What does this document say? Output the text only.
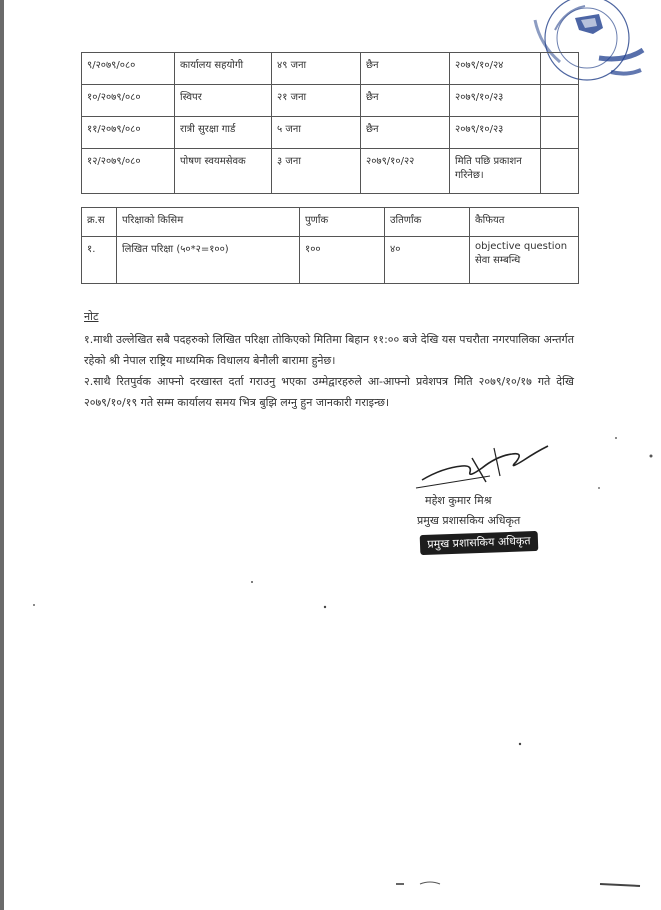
९/२०७९/०८०	कार्यालय सहयोगी	४९ जना	छैन	२०७९/१०/२४	
१०/२०७९/०८०	स्विपर	२१ जना	छैन	२०७९/१०/२३	
११/२०७९/०८०	रात्री सुरक्षा गार्ड	५ जना	छैन	२०७९/१०/२३	
१२/२०७९/०८०	पोषण स्वयमसेवक	३ जना	२०७९/१०/२२	मिति पछि प्रकाशन गरिनेछ।	
क्र.स	परिक्षाको किसिम	पुर्णांक	उतिर्णांक	कैफियत
१.	लिखित परिक्षा (५०*२=१००)	१००	४०	objective question
सेवा सम्बन्धि
नोट

१.माथी उल्लेखित सबै पदहरुको लिखित परिक्षा तोकिएको मितिमा बिहान ११:०० बजे देखि यस पचरौता नगरपालिका अन्तर्गत रहेको श्री नेपाल राष्ट्रिय माध्यमिक विधालय बेनौली बारामा हुनेछ।

२.साथै रितपुर्वक आफ्नो दरखास्त दर्ता गराउनु भएका उम्मेद्वारहरुले आ-आफ्नो प्रवेशपत्र मिति २०७९/१०/१७ गते देखि २०७९/१०/१९ गते सम्म कार्यालय समय भित्र बुझि लग्नु हुन जानकारी गराइन्छ।

महेश कुमार मिश्र
प्रमुख प्रशासकिय अधिकृत
प्रमुख प्रशासकिय अधिकृत
